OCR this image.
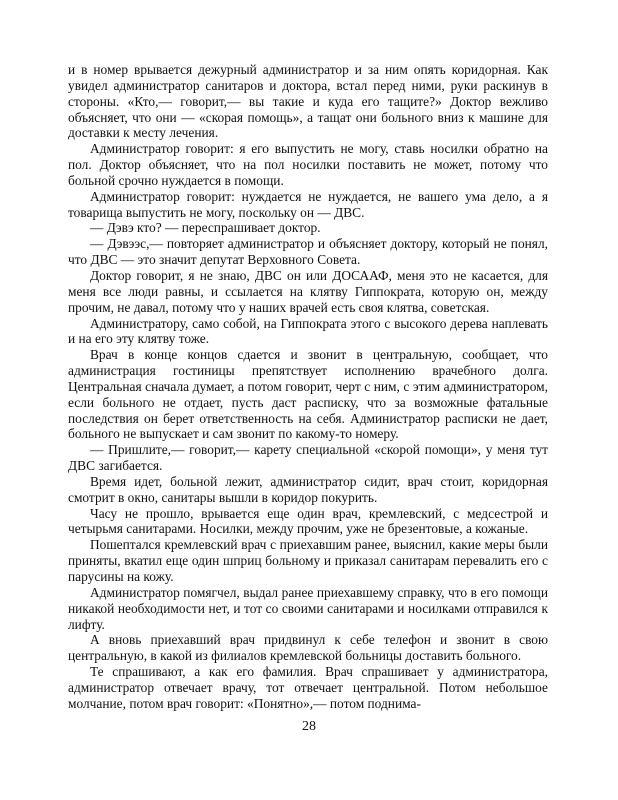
и в номер врывается дежурный администратор и за ним опять коридорная. Как увидел администратор санитаров и доктора, встал перед ними, руки раскинув в стороны. «Кто,— говорит,— вы такие и куда его тащите?» Доктор вежливо объясняет, что они — «скорая помощь», а тащат они больного вниз к машине для доставки к месту лечения.

Администратор говорит: я его выпустить не могу, ставь носилки обратно на пол. Доктор объясняет, что на пол носилки поставить не может, потому что больной срочно нуждается в помощи.

Администратор говорит: нуждается не нуждается, не вашего ума дело, а я товарища выпустить не могу, поскольку он — ДВС.

— Дэвэ кто? — переспрашивает доктор.

— Дэвээс,— повторяет администратор и объясняет доктору, который не понял, что ДВС — это значит депутат Верховного Совета.

Доктор говорит, я не знаю, ДВС он или ДОСААФ, меня это не касается, для меня все люди равны, и ссылается на клятву Гиппократа, которую он, между прочим, не давал, потому что у наших врачей есть своя клятва, советская.

Администратору, само собой, на Гиппократа этого с высокого дерева наплевать и на его эту клятву тоже.

Врач в конце концов сдается и звонит в центральную, сообщает, что администрация гостиницы препятствует исполнению врачебного долга. Центральная сначала думает, а потом говорит, черт с ним, с этим администратором, если больного не отдает, пусть даст расписку, что за возможные фатальные последствия он берет ответственность на себя. Администратор расписки не дает, больного не выпускает и сам звонит по какому-то номеру.

— Пришлите,— говорит,— карету специальной «скорой помощи», у меня тут ДВС загибается.

Время идет, больной лежит, администратор сидит, врач стоит, коридорная смотрит в окно, санитары вышли в коридор покурить.

Часу не прошло, врывается еще один врач, кремлевский, с медсестрой и четырьмя санитарами. Носилки, между прочим, уже не брезентовые, а кожаные.

Пошептался кремлевский врач с приехавшим ранее, выяснил, какие меры были приняты, вкатил еще один шприц больному и приказал санитарам перевалить его с парусины на кожу.

Администратор помягчел, выдал ранее приехавшему справку, что в его помощи никакой необходимости нет, и тот со своими санитарами и носилками отправился к лифту.

А вновь приехавший врач придвинул к себе телефон и звонит в свою центральную, в какой из филиалов кремлевской больницы доставить больного.

Те спрашивают, а как его фамилия. Врач спрашивает у администратора, администратор отвечает врачу, тот отвечает центральной. Потом небольшое молчание, потом врач говорит: «Понятно»,— потом поднима-

28
